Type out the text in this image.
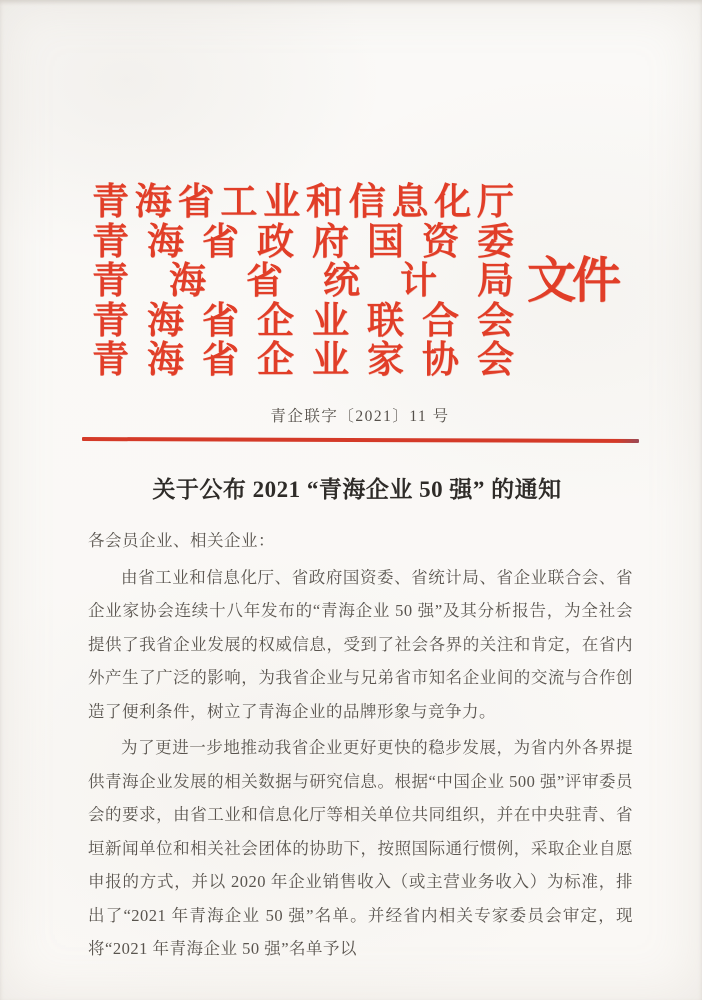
青海省工业和信息化厅
青海省政府国资委
青海省统计局
青海省企业联合会
青海省企业家协会
文件
青企联字〔2021〕11 号
关于公布 2021 “青海企业 50 强” 的通知

各会员企业、相关企业：

由省工业和信息化厅、省政府国资委、省统计局、省企业联合会、省企业家协会连续十八年发布的“青海企业 50 强”及其分析报告，为全社会提供了我省企业发展的权威信息，受到了社会各界的关注和肯定，在省内外产生了广泛的影响，为我省企业与兄弟省市知名企业间的交流与合作创造了便利条件，树立了青海企业的品牌形象与竞争力。

为了更进一步地推动我省企业更好更快的稳步发展，为省内外各界提供青海企业发展的相关数据与研究信息。根据“中国企业 500 强”评审委员会的要求，由省工业和信息化厅等相关单位共同组织，并在中央驻青、省垣新闻单位和相关社会团体的协助下，按照国际通行惯例，采取企业自愿申报的方式，并以 2020 年企业销售收入（或主营业务收入）为标准，排出了“2021 年青海企业 50 强”名单。并经省内相关专家委员会审定，现将“2021 年青海企业 50 强”名单予以
